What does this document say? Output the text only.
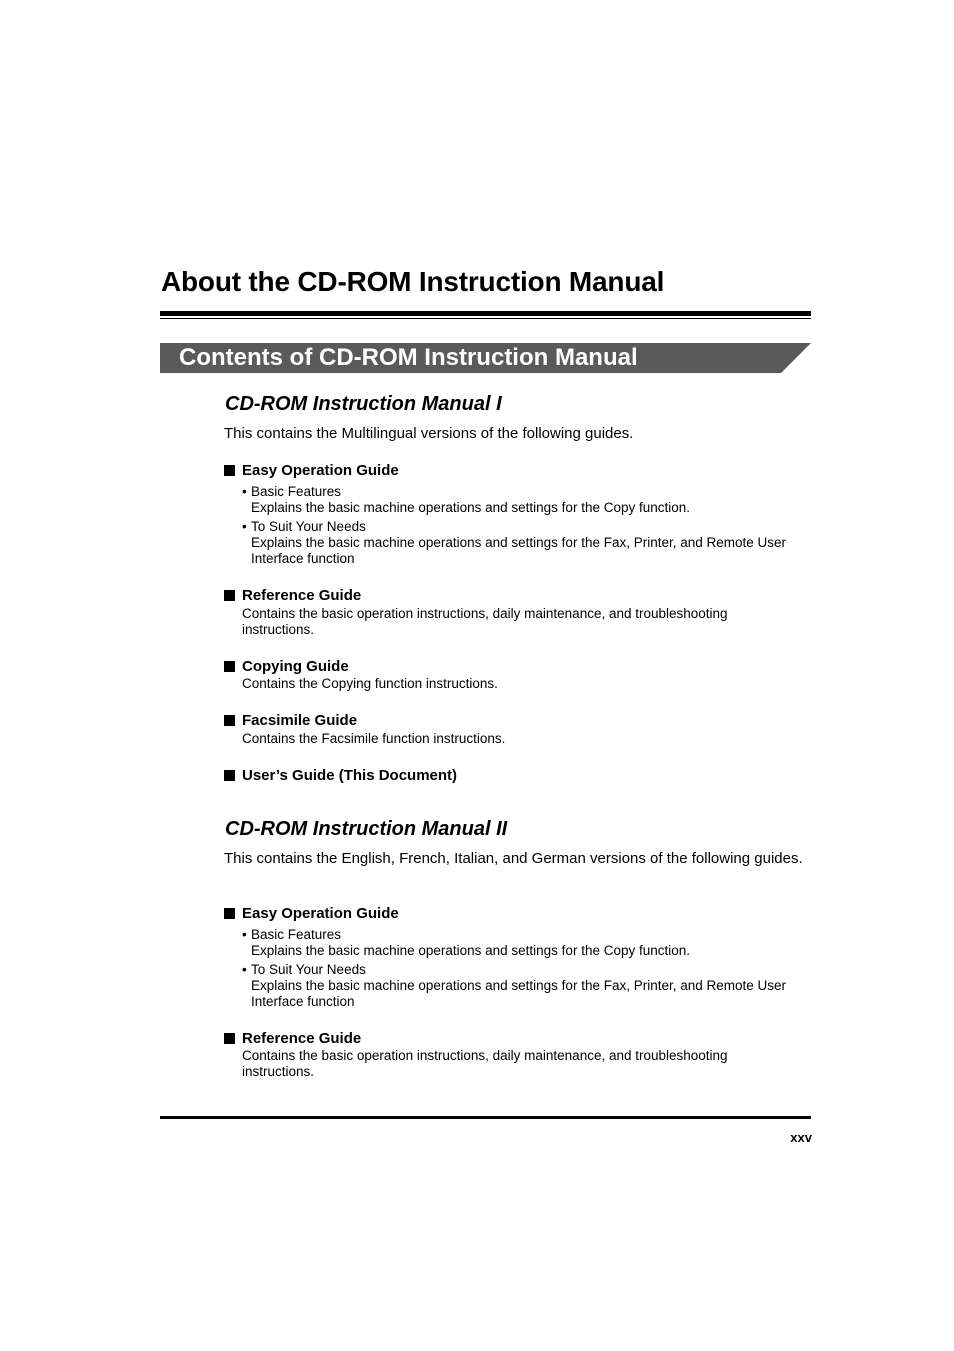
About the CD-ROM Instruction Manual
Contents of CD-ROM Instruction Manual
CD-ROM Instruction Manual I

This contains the Multilingual versions of the following guides.

Easy Operation Guide
• Basic Features
Explains the basic machine operations and settings for the Copy function.
• To Suit Your Needs
Explains the basic machine operations and settings for the Fax, Printer, and Remote User Interface function
Reference Guide

Contains the basic operation instructions, daily maintenance, and troubleshooting instructions.

Copying Guide

Contains the Copying function instructions.

Facsimile Guide

Contains the Facsimile function instructions.

User’s Guide (This Document)
CD-ROM Instruction Manual II

This contains the English, French, Italian, and German versions of the following guides.

Easy Operation Guide
• Basic Features
Explains the basic machine operations and settings for the Copy function.
• To Suit Your Needs
Explains the basic machine operations and settings for the Fax, Printer, and Remote User Interface function
Reference Guide

Contains the basic operation instructions, daily maintenance, and troubleshooting instructions.

xxv
